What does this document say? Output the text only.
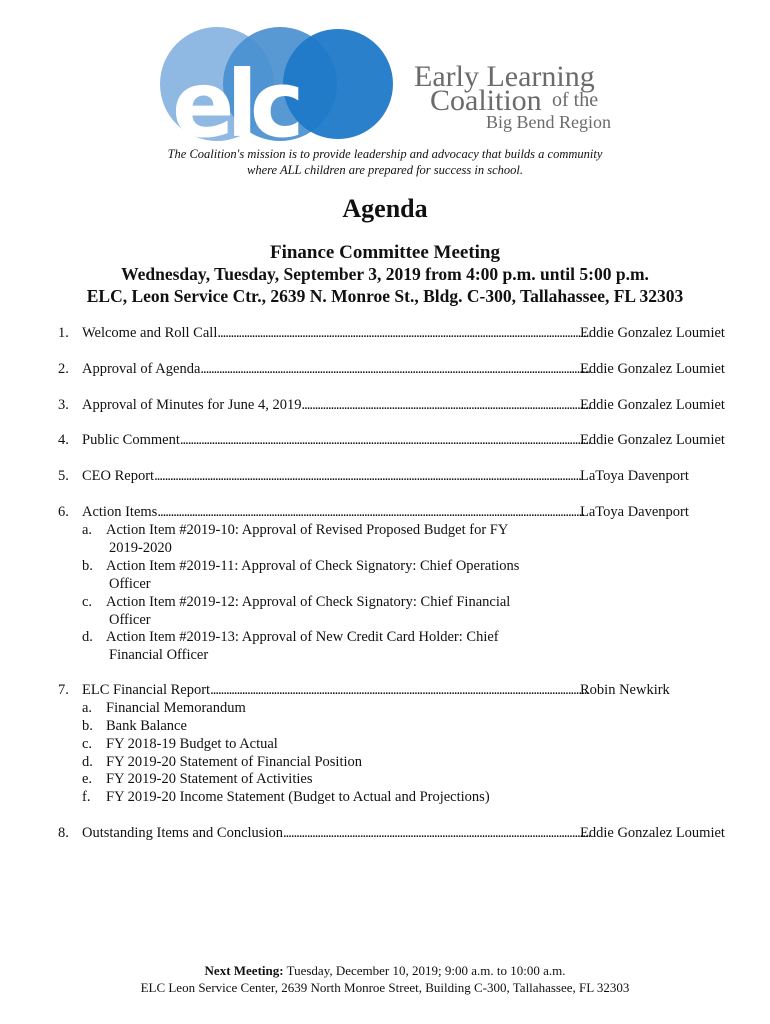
elc	Early Learning
Coalition of the
Big Bend Region
The Coalition's mission is to provide leadership and advocacy that builds a community
where ALL children are prepared for success in school.
Agenda
Finance Committee Meeting
Wednesday, Tuesday, September 3, 2019 from 4:00 p.m. until 5:00 p.m.
ELC, Leon Service Ctr., 2639 N. Monroe St., Bldg. C-300, Tallahassee, FL 32303
1. Welcome and Roll Call . . .	Eddie Gonzalez Loumiet
2. Approval of Agenda . . .	Eddie Gonzalez Loumiet
3. Approval of Minutes for June 4, 2019 . . .	Eddie Gonzalez Loumiet
4. Public Comment . . .	Eddie Gonzalez Loumiet
5. CEO Report . . .	LaToya Davenport
6. Action Items . . .	LaToya Davenport
a. Action Item #2019-10: Approval of Revised Proposed Budget for FY
2019-2020
b. Action Item #2019-11: Approval of Check Signatory: Chief Operations
Officer
c. Action Item #2019-12: Approval of Check Signatory: Chief Financial
Officer
d. Action Item #2019-13: Approval of New Credit Card Holder: Chief
Financial Officer
7. ELC Financial Report . . .	Robin Newkirk
a. Financial Memorandum
b. Bank Balance
c. FY 2018-19 Budget to Actual
d. FY 2019-20 Statement of Financial Position
e. FY 2019-20 Statement of Activities
f. FY 2019-20 Income Statement (Budget to Actual and Projections)
8. Outstanding Items and Conclusion . . .	Eddie Gonzalez Loumiet
Next Meeting: Tuesday, December 10, 2019; 9:00 a.m. to 10:00 a.m.
ELC Leon Service Center, 2639 North Monroe Street, Building C-300, Tallahassee, FL 32303
